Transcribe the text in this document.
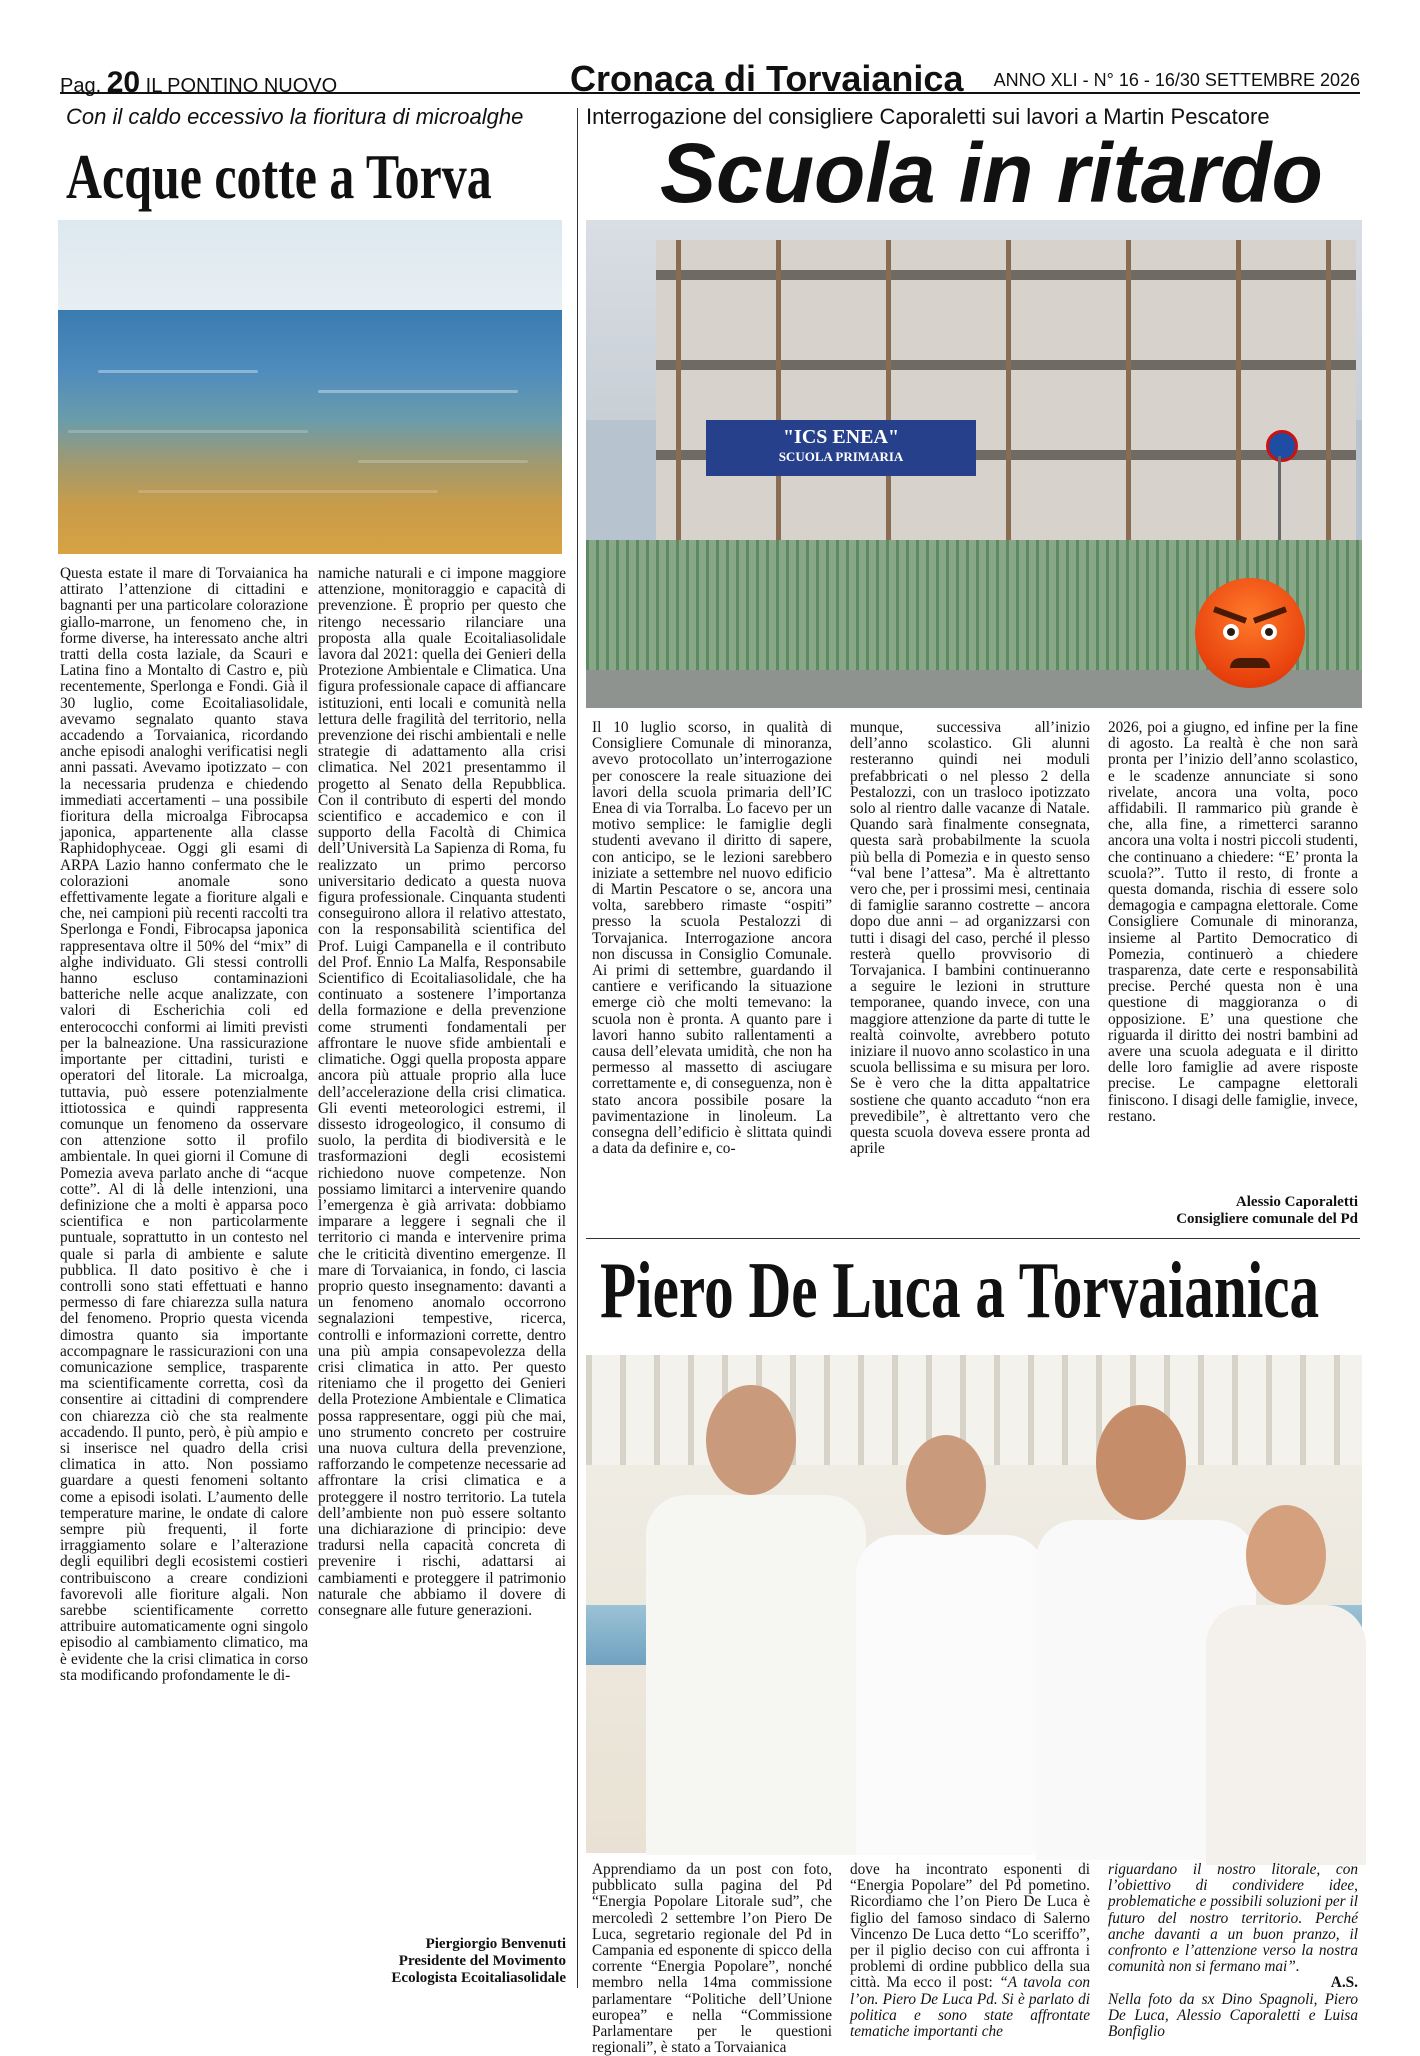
Pag. 20 IL PONTINO NUOVO	Cronaca di Torvaianica ANNO XLI - N° 16 - 16/30 SETTEMBRE 2026
Con il caldo eccessivo la fioritura di microalghe
Acque cotte a Torva

Questa estate il mare di Torvaianica ha attirato l’attenzione di cittadini e bagnanti per una particolare colorazione giallo-marrone, un fenomeno che, in forme diverse, ha interessato anche altri tratti della costa laziale, da Scauri e Latina fino a Montalto di Castro e, più recentemente, Sperlonga e Fondi. Già il 30 luglio, come Ecoitaliasolidale, avevamo segnalato quanto stava accadendo a Torvaianica, ricordando anche episodi analoghi verificatisi negli anni passati. Avevamo ipotizzato – con la necessaria prudenza e chiedendo immediati accertamenti – una possibile fioritura della microalga Fibrocapsa japonica, appartenente alla classe Raphidophyceae. Oggi gli esami di ARPA Lazio hanno confermato che le colorazioni anomale sono effettivamente legate a fioriture algali e che, nei campioni più recenti raccolti tra Sperlonga e Fondi, Fibrocapsa japonica rappresentava oltre il 50% del “mix” di alghe individuato. Gli stessi controlli hanno escluso contaminazioni batteriche nelle acque analizzate, con valori di Escherichia coli ed enterococchi conformi ai limiti previsti per la balneazione. Una rassicurazione importante per cittadini, turisti e operatori del litorale. La microalga, tuttavia, può essere potenzialmente ittiotossica e quindi rappresenta comunque un fenomeno da osservare con attenzione sotto il profilo ambientale. In quei giorni il Comune di Pomezia aveva parlato anche di “acque cotte”. Al di là delle intenzioni, una definizione che a molti è apparsa poco scientifica e non particolarmente puntuale, soprattutto in un contesto nel quale si parla di ambiente e salute pubblica. Il dato positivo è che i controlli sono stati effettuati e hanno permesso di fare chiarezza sulla natura del fenomeno. Proprio questa vicenda dimostra quanto sia importante accompagnare le rassicurazioni con una comunicazione semplice, trasparente ma scientificamente corretta, così da consentire ai cittadini di comprendere con chiarezza ciò che sta realmente accadendo. Il punto, però, è più ampio e si inserisce nel quadro della crisi climatica in atto. Non possiamo guardare a questi fenomeni soltanto come a episodi isolati. L’aumento delle temperature marine, le ondate di calore sempre più frequenti, il forte irraggiamento solare e l’alterazione degli equilibri degli ecosistemi costieri contribuiscono a creare condizioni favorevoli alle fioriture algali. Non sarebbe scientificamente corretto attribuire automaticamente ogni singolo episodio al cambiamento climatico, ma è evidente che la crisi climatica in corso sta modificando profondamente le di-

namiche naturali e ci impone maggiore attenzione, monitoraggio e capacità di prevenzione. È proprio per questo che ritengo necessario rilanciare una proposta alla quale Ecoitaliasolidale lavora dal 2021: quella dei Genieri della Protezione Ambientale e Climatica. Una figura professionale capace di affiancare istituzioni, enti locali e comunità nella lettura delle fragilità del territorio, nella prevenzione dei rischi ambientali e nelle strategie di adattamento alla crisi climatica. Nel 2021 presentammo il progetto al Senato della Repubblica. Con il contributo di esperti del mondo scientifico e accademico e con il supporto della Facoltà di Chimica dell’Università La Sapienza di Roma, fu realizzato un primo percorso universitario dedicato a questa nuova figura professionale. Cinquanta studenti conseguirono allora il relativo attestato, con la responsabilità scientifica del Prof. Luigi Campanella e il contributo del Prof. Ennio La Malfa, Responsabile Scientifico di Ecoitaliasolidale, che ha continuato a sostenere l’importanza della formazione e della prevenzione come strumenti fondamentali per affrontare le nuove sfide ambientali e climatiche. Oggi quella proposta appare ancora più attuale proprio alla luce dell’accelerazione della crisi climatica. Gli eventi meteorologici estremi, il dissesto idrogeologico, il consumo di suolo, la perdita di biodiversità e le trasformazioni degli ecosistemi richiedono nuove competenze. Non possiamo limitarci a intervenire quando l’emergenza è già arrivata: dobbiamo imparare a leggere i segnali che il territorio ci manda e intervenire prima che le criticità diventino emergenze. Il mare di Torvaianica, in fondo, ci lascia proprio questo insegnamento: davanti a un fenomeno anomalo occorrono segnalazioni tempestive, ricerca, controlli e informazioni corrette, dentro una più ampia consapevolezza della crisi climatica in atto. Per questo riteniamo che il progetto dei Genieri della Protezione Ambientale e Climatica possa rappresentare, oggi più che mai, uno strumento concreto per costruire una nuova cultura della prevenzione, rafforzando le competenze necessarie ad affrontare la crisi climatica e a proteggere il nostro territorio. La tutela dell’ambiente non può essere soltanto una dichiarazione di principio: deve tradursi nella capacità concreta di prevenire i rischi, adattarsi ai cambiamenti e proteggere il patrimonio naturale che abbiamo il dovere di consegnare alle future generazioni.

Piergiorgio Benvenuti
Presidente del Movimento
Ecologista Ecoitaliasolidale
Interrogazione del consigliere Caporaletti sui lavori a Martin Pescatore
Scuola in ritardo
"ICS ENEA"
SCUOLA PRIMARIA

Il 10 luglio scorso, in qualità di Consigliere Comunale di minoranza, avevo protocollato un’interrogazione per conoscere la reale situazione dei lavori della scuola primaria dell’IC Enea di via Torralba. Lo facevo per un motivo semplice: le famiglie degli studenti avevano il diritto di sapere, con anticipo, se le lezioni sarebbero iniziate a settembre nel nuovo edificio di Martin Pescatore o se, ancora una volta, sarebbero rimaste “ospiti” presso la scuola Pestalozzi di Torvajanica. Interrogazione ancora non discussa in Consiglio Comunale. Ai primi di settembre, guardando il cantiere e verificando la situazione emerge ciò che molti temevano: la scuola non è pronta. A quanto pare i lavori hanno subito rallentamenti a causa dell’elevata umidità, che non ha permesso al massetto di asciugare correttamente e, di conseguenza, non è stato ancora possibile posare la pavimentazione in linoleum. La consegna dell’edificio è slittata quindi a data da definire e, co-

munque, successiva all’inizio dell’anno scolastico. Gli alunni resteranno quindi nei moduli prefabbricati o nel plesso 2 della Pestalozzi, con un trasloco ipotizzato solo al rientro dalle vacanze di Natale. Quando sarà finalmente consegnata, questa sarà probabilmente la scuola più bella di Pomezia e in questo senso “val bene l’attesa”. Ma è altrettanto vero che, per i prossimi mesi, centinaia di famiglie saranno costrette – ancora dopo due anni – ad organizzarsi con tutti i disagi del caso, perché il plesso resterà quello provvisorio di Torvajanica. I bambini continueranno a seguire le lezioni in strutture temporanee, quando invece, con una maggiore attenzione da parte di tutte le realtà coinvolte, avrebbero potuto iniziare il nuovo anno scolastico in una scuola bellissima e su misura per loro. Se è vero che la ditta appaltatrice sostiene che quanto accaduto “non era prevedibile”, è altrettanto vero che questa scuola doveva essere pronta ad aprile

2026, poi a giugno, ed infine per la fine di agosto. La realtà è che non sarà pronta per l’inizio dell’anno scolastico, e le scadenze annunciate si sono rivelate, ancora una volta, poco affidabili. Il rammarico più grande è che, alla fine, a rimetterci saranno ancora una volta i nostri piccoli studenti, che continuano a chiedere: “E’ pronta la scuola?”. Tutto il resto, di fronte a questa domanda, rischia di essere solo demagogia e campagna elettorale. Come Consigliere Comunale di minoranza, insieme al Partito Democratico di Pomezia, continuerò a chiedere trasparenza, date certe e responsabilità precise. Perché questa non è una questione di maggioranza o di opposizione. E’ una questione che riguarda il diritto dei nostri bambini ad avere una scuola adeguata e il diritto delle loro famiglie ad avere risposte precise. Le campagne elettorali finiscono. I disagi delle famiglie, invece, restano.

Alessio Caporaletti
Consigliere comunale del Pd
Piero De Luca a Torvaianica

Apprendiamo da un post con foto, pubblicato sulla pagina del Pd “Energia Popolare Litorale sud”, che mercoledì 2 settembre l’on Piero De Luca, segretario regionale del Pd in Campania ed esponente di spicco della corrente “Energia Popolare”, nonché membro nella 14ma commissione parlamentare “Politiche dell’Unione europea” e nella “Commissione Parlamentare per le questioni regionali”, è stato a Torvaianica

dove ha incontrato esponenti di “Energia Popolare” del Pd pometino. Ricordiamo che l’on Piero De Luca è figlio del famoso sindaco di Salerno Vincenzo De Luca detto “Lo sceriffo”, per il piglio deciso con cui affronta i problemi di ordine pubblico della sua città. Ma ecco il post: “A tavola con l’on. Piero De Luca Pd. Si è parlato di politica e sono state affrontate tematiche importanti che

riguardano il nostro litorale, con l’obiettivo di condividere idee, problematiche e possibili soluzioni per il futuro del nostro territorio. Perché anche davanti a un buon pranzo, il confronto e l’attenzione verso la nostra comunità non si fermano mai”.

A.S.

Nella foto da sx Dino Spagnoli, Piero De Luca, Alessio Caporaletti e Luisa Bonfiglio
